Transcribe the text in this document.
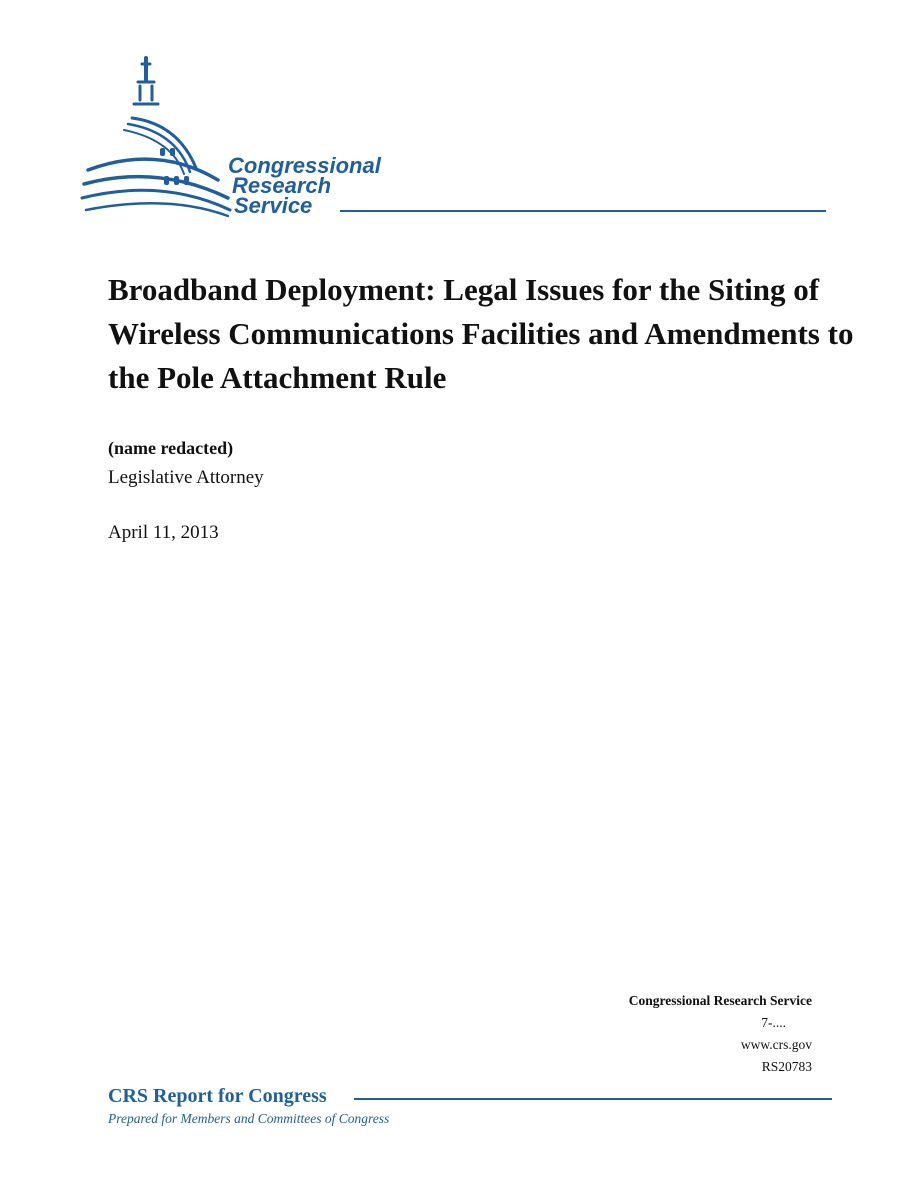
Congressional
Research
Service
Broadband Deployment: Legal Issues for the Siting of Wireless Communications Facilities and Amendments to the Pole Attachment Rule
(name redacted)
Legislative Attorney
April 11, 2013
Congressional Research Service
7-....
www.crs.gov
RS20783
CRS Report for Congress
Prepared for Members and Committees of Congress
